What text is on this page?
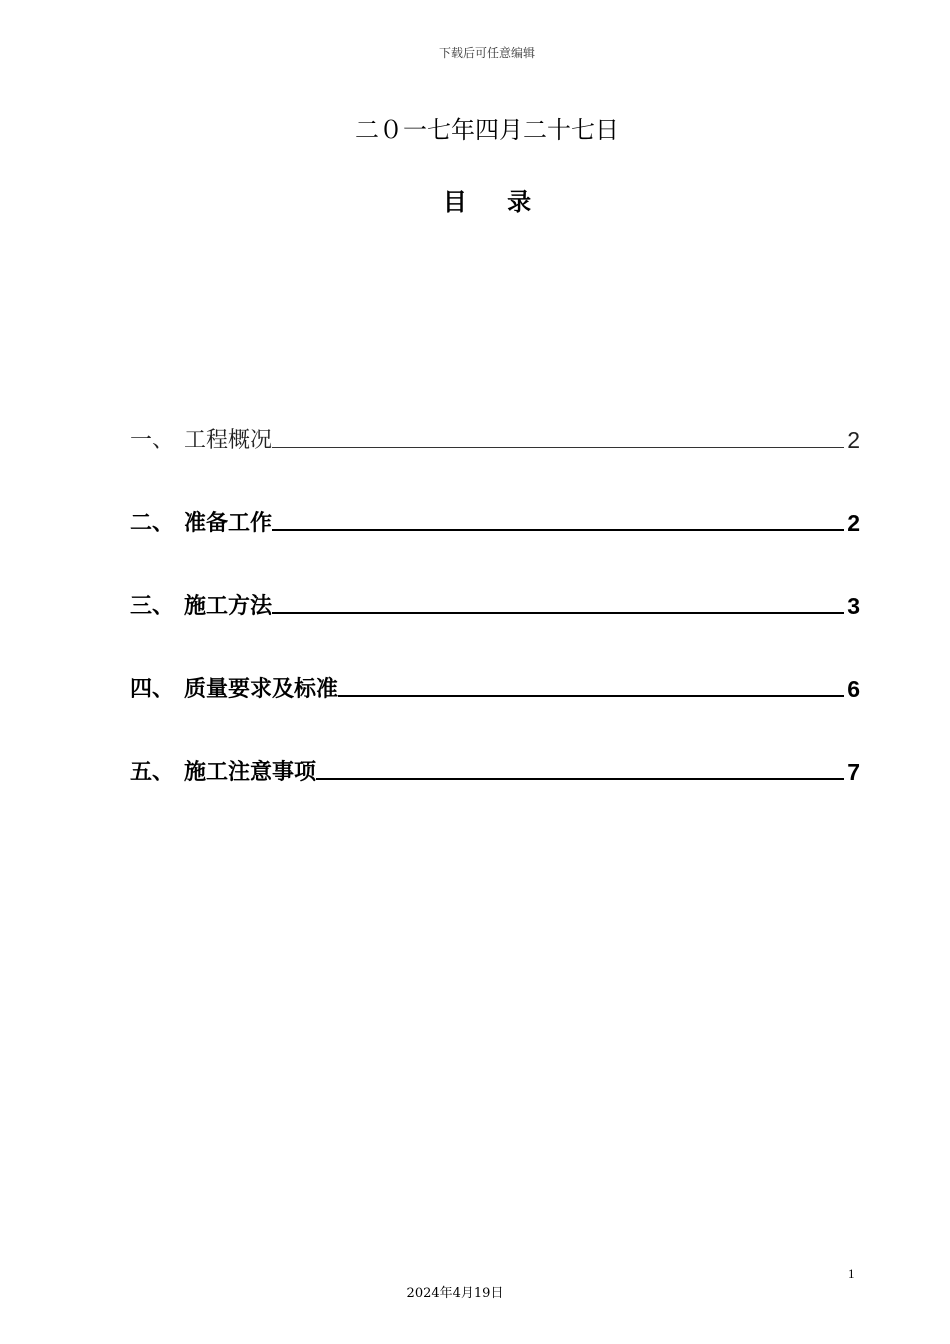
下载后可任意编辑
二０一七年四月二十七日
目 录
一、 工程概况	2
二、 准备工作	2
三、 施工方法	3
四、 质量要求及标准	6
五、 施工注意事项	7
1
2024年4月19日
